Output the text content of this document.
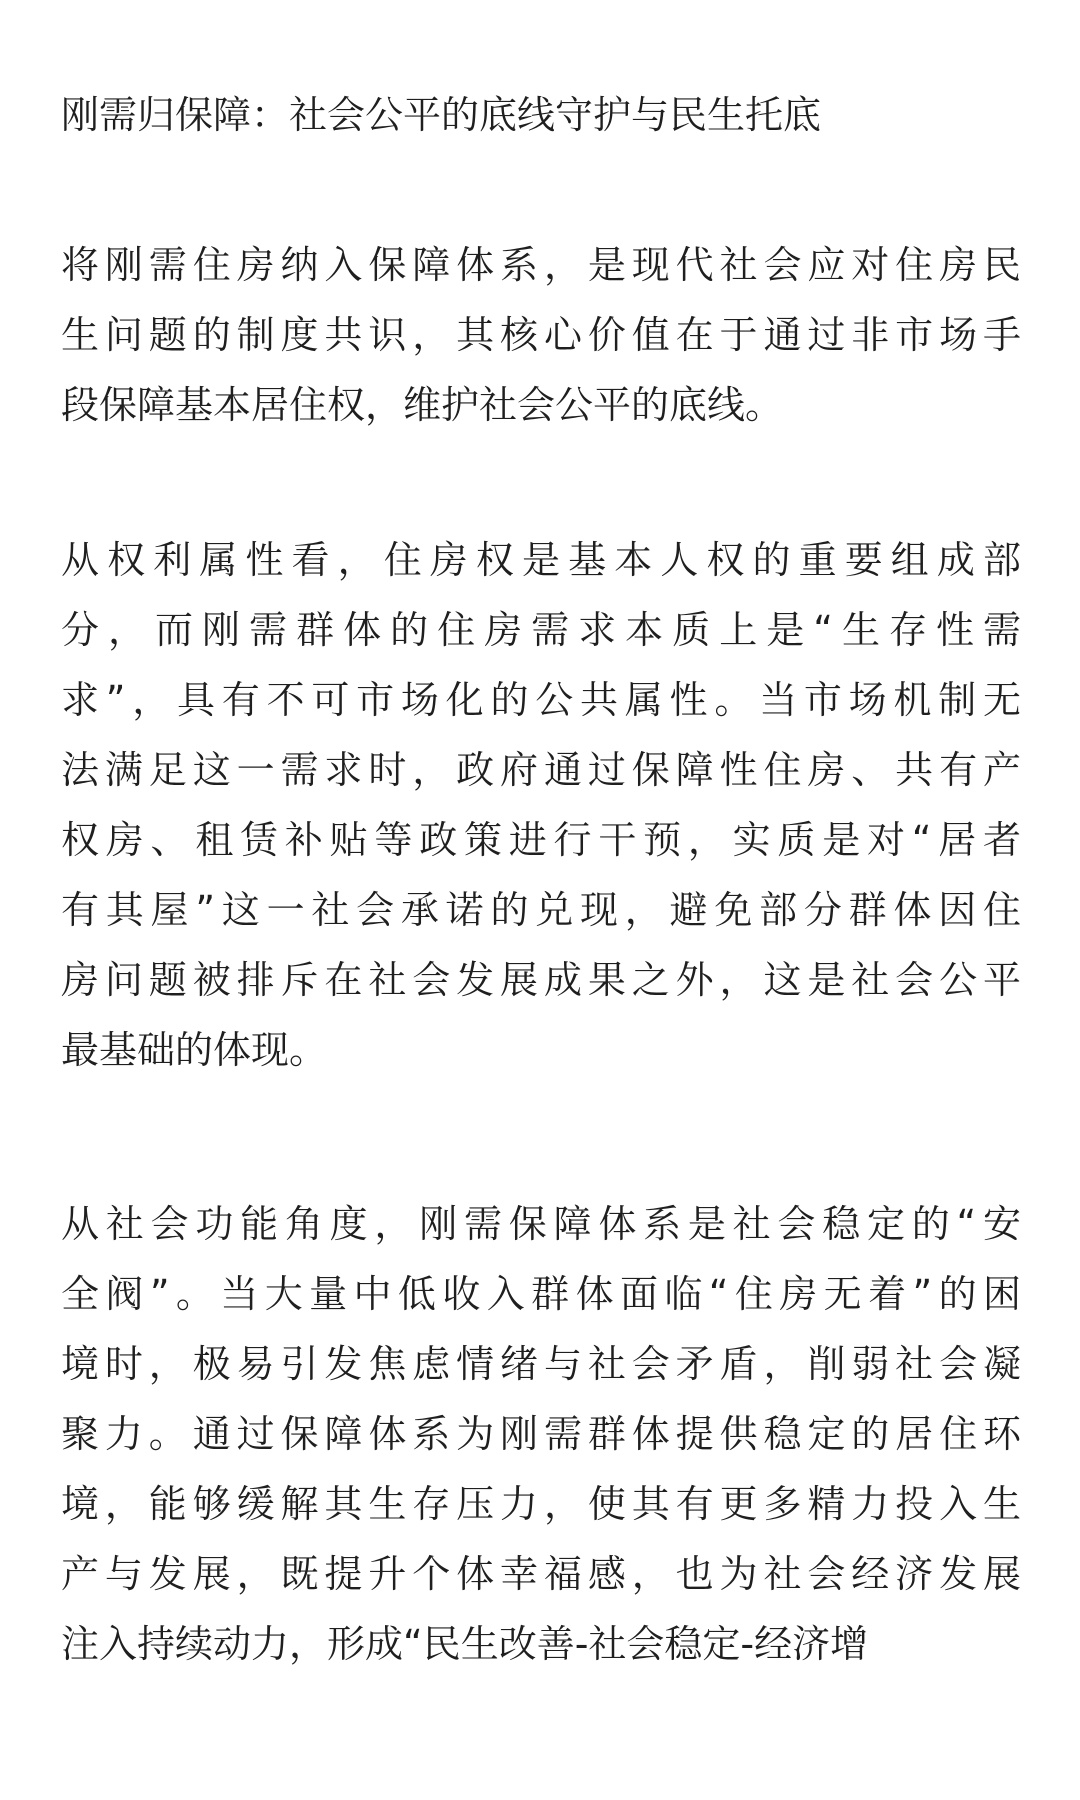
刚需归保障：社会公平的底线守护与民生托底

将刚需住房纳入保障体系，是现代社会应对住房民
生问题的制度共识，其核心价值在于通过非市场手
段保障基本居住权，维护社会公平的底线。

从权利属性看，住房权是基本人权的重要组成部
分，而刚需群体的住房需求本质上是“生存性需
求”，具有不可市场化的公共属性。当市场机制无
法满足这一需求时，政府通过保障性住房、共有产
权房、租赁补贴等政策进行干预，实质是对“居者
有其屋”这一社会承诺的兑现，避免部分群体因住
房问题被排斥在社会发展成果之外，这是社会公平
最基础的体现。

从社会功能角度，刚需保障体系是社会稳定的“安
全阀”。当大量中低收入群体面临“住房无着”的困
境时，极易引发焦虑情绪与社会矛盾，削弱社会凝
聚力。通过保障体系为刚需群体提供稳定的居住环
境，能够缓解其生存压力，使其有更多精力投入生
产与发展，既提升个体幸福感，也为社会经济发展
注入持续动力，形成“民生改善-社会稳定-经济增
